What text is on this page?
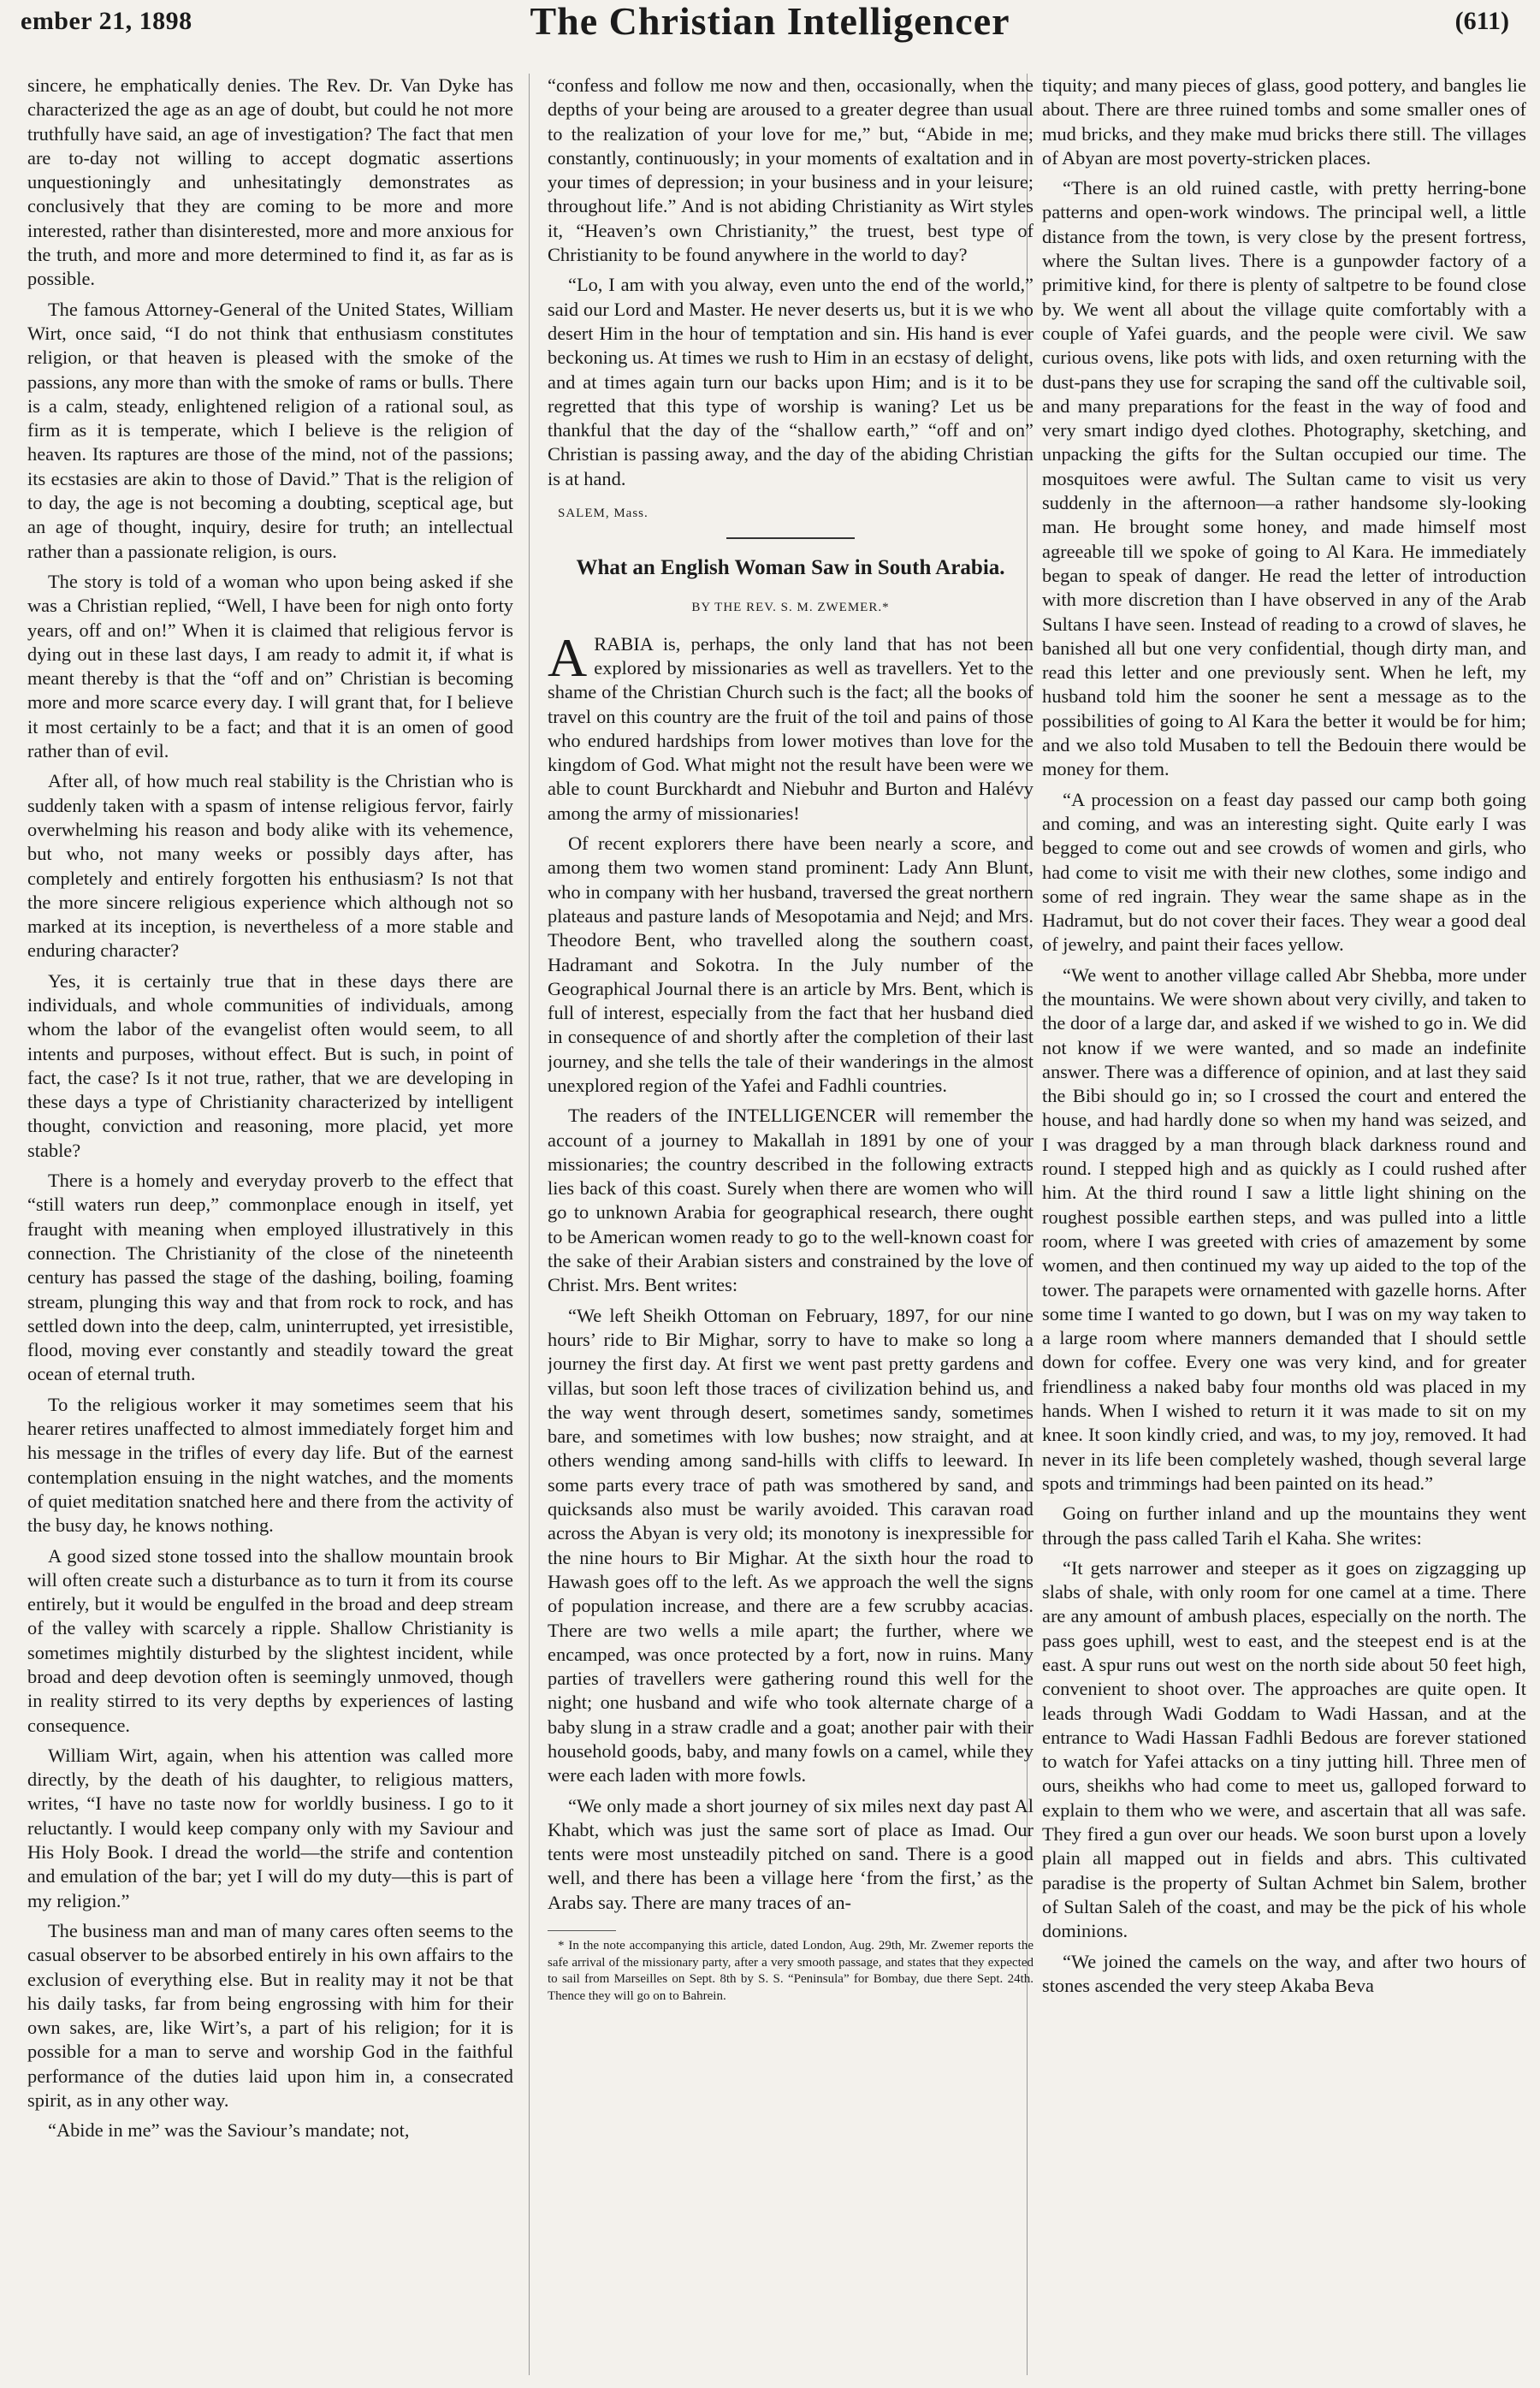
ember 21, 1898	The Christian Intelligencer	(611)

sincere, he emphatically denies. The Rev. Dr. Van Dyke has characterized the age as an age of doubt, but could he not more truthfully have said, an age of investigation? The fact that men are to-day not willing to accept dogmatic assertions unquestioningly and unhesitatingly demonstrates as conclusively that they are coming to be more and more interested, rather than disinterested, more and more anxious for the truth, and more and more determined to find it, as far as is possible.

The famous Attorney-General of the United States, William Wirt, once said, “I do not think that enthusiasm constitutes religion, or that heaven is pleased with the smoke of the passions, any more than with the smoke of rams or bulls. There is a calm, steady, enlightened religion of a rational soul, as firm as it is temperate, which I believe is the religion of heaven. Its raptures are those of the mind, not of the passions; its ecstasies are akin to those of David.” That is the religion of to day, the age is not becoming a doubting, sceptical age, but an age of thought, inquiry, desire for truth; an intellectual rather than a passionate religion, is ours.

The story is told of a woman who upon being asked if she was a Christian replied, “Well, I have been for nigh onto forty years, off and on!” When it is claimed that religious fervor is dying out in these last days, I am ready to admit it, if what is meant thereby is that the “off and on” Christian is becoming more and more scarce every day. I will grant that, for I believe it most certainly to be a fact; and that it is an omen of good rather than of evil.

After all, of how much real stability is the Christian who is suddenly taken with a spasm of intense religious fervor, fairly overwhelming his reason and body alike with its vehemence, but who, not many weeks or possibly days after, has completely and entirely forgotten his enthusiasm? Is not that the more sincere religious experience which although not so marked at its inception, is nevertheless of a more stable and enduring character?

Yes, it is certainly true that in these days there are individuals, and whole communities of individuals, among whom the labor of the evangelist often would seem, to all intents and purposes, without effect. But is such, in point of fact, the case? Is it not true, rather, that we are developing in these days a type of Christianity characterized by intelligent thought, conviction and reasoning, more placid, yet more stable?

There is a homely and everyday proverb to the effect that “still waters run deep,” commonplace enough in itself, yet fraught with meaning when employed illustratively in this connection. The Christianity of the close of the nineteenth century has passed the stage of the dashing, boiling, foaming stream, plunging this way and that from rock to rock, and has settled down into the deep, calm, uninterrupted, yet irresistible, flood, moving ever constantly and steadily toward the great ocean of eternal truth.

To the religious worker it may sometimes seem that his hearer retires unaffected to almost immediately forget him and his message in the trifles of every day life. But of the earnest contemplation ensuing in the night watches, and the moments of quiet meditation snatched here and there from the activity of the busy day, he knows nothing.

A good sized stone tossed into the shallow mountain brook will often create such a disturbance as to turn it from its course entirely, but it would be engulfed in the broad and deep stream of the valley with scarcely a ripple. Shallow Christianity is sometimes mightily disturbed by the slightest incident, while broad and deep devotion often is seemingly unmoved, though in reality stirred to its very depths by experiences of lasting consequence.

William Wirt, again, when his attention was called more directly, by the death of his daughter, to religious matters, writes, “I have no taste now for worldly business. I go to it reluctantly. I would keep company only with my Saviour and His Holy Book. I dread the world—the strife and contention and emulation of the bar; yet I will do my duty—this is part of my religion.”

The business man and man of many cares often seems to the casual observer to be absorbed entirely in his own affairs to the exclusion of everything else. But in reality may it not be that his daily tasks, far from being engrossing with him for their own sakes, are, like Wirt’s, a part of his religion; for it is possible for a man to serve and worship God in the faithful performance of the duties laid upon him in, a consecrated spirit, as in any other way.

“Abide in me” was the Saviour’s mandate; not,

“confess and follow me now and then, occasionally, when the depths of your being are aroused to a greater degree than usual to the realization of your love for me,” but, “Abide in me; constantly, continuously; in your moments of exaltation and in your times of depression; in your business and in your leisure; throughout life.” And is not abiding Christianity as Wirt styles it, “Heaven’s own Christianity,” the truest, best type of Christianity to be found anywhere in the world to day?

“Lo, I am with you alway, even unto the end of the world,” said our Lord and Master. He never deserts us, but it is we who desert Him in the hour of temptation and sin. His hand is ever beckoning us. At times we rush to Him in an ecstasy of delight, and at times again turn our backs upon Him; and is it to be regretted that this type of worship is waning? Let us be thankful that the day of the “shallow earth,” “off and on” Christian is passing away, and the day of the abiding Christian is at hand.

SALEM, Mass.
What an English Woman Saw in South Arabia.
BY THE REV. S. M. ZWEMER.*

ARABIA is, perhaps, the only land that has not been explored by missionaries as well as travellers. Yet to the shame of the Christian Church such is the fact; all the books of travel on this country are the fruit of the toil and pains of those who endured hardships from lower motives than love for the kingdom of God. What might not the result have been were we able to count Burckhardt and Niebuhr and Burton and Halévy among the army of missionaries!

Of recent explorers there have been nearly a score, and among them two women stand prominent: Lady Ann Blunt, who in company with her husband, traversed the great northern plateaus and pasture lands of Mesopotamia and Nejd; and Mrs. Theodore Bent, who travelled along the southern coast, Hadramant and Sokotra. In the July number of the Geographical Journal there is an article by Mrs. Bent, which is full of interest, especially from the fact that her husband died in consequence of and shortly after the completion of their last journey, and she tells the tale of their wanderings in the almost unexplored region of the Yafei and Fadhli countries.

The readers of the INTELLIGENCER will remember the account of a journey to Makallah in 1891 by one of your missionaries; the country described in the following extracts lies back of this coast. Surely when there are women who will go to unknown Arabia for geographical research, there ought to be American women ready to go to the well-known coast for the sake of their Arabian sisters and constrained by the love of Christ. Mrs. Bent writes:

“We left Sheikh Ottoman on February, 1897, for our nine hours’ ride to Bir Mighar, sorry to have to make so long a journey the first day. At first we went past pretty gardens and villas, but soon left those traces of civilization behind us, and the way went through desert, sometimes sandy, sometimes bare, and sometimes with low bushes; now straight, and at others wending among sand-hills with cliffs to leeward. In some parts every trace of path was smothered by sand, and quicksands also must be warily avoided. This caravan road across the Abyan is very old; its monotony is inexpressible for the nine hours to Bir Mighar. At the sixth hour the road to Hawash goes off to the left. As we approach the well the signs of population increase, and there are a few scrubby acacias. There are two wells a mile apart; the further, where we encamped, was once protected by a fort, now in ruins. Many parties of travellers were gathering round this well for the night; one husband and wife who took alternate charge of a baby slung in a straw cradle and a goat; another pair with their household goods, baby, and many fowls on a camel, while they were each laden with more fowls.

“We only made a short journey of six miles next day past Al Khabt, which was just the same sort of place as Imad. Our tents were most unsteadily pitched on sand. There is a good well, and there has been a village here ‘from the first,’ as the Arabs say. There are many traces of an-

* In the note accompanying this article, dated London, Aug. 29th, Mr. Zwemer reports the safe arrival of the missionary party, after a very smooth passage, and states that they expected to sail from Marseilles on Sept. 8th by S. S. “Peninsula” for Bombay, due there Sept. 24th. Thence they will go on to Bahrein.

tiquity; and many pieces of glass, good pottery, and bangles lie about. There are three ruined tombs and some smaller ones of mud bricks, and they make mud bricks there still. The villages of Abyan are most poverty-stricken places.

“There is an old ruined castle, with pretty herring-bone patterns and open-work windows. The principal well, a little distance from the town, is very close by the present fortress, where the Sultan lives. There is a gunpowder factory of a primitive kind, for there is plenty of saltpetre to be found close by. We went all about the village quite comfortably with a couple of Yafei guards, and the people were civil. We saw curious ovens, like pots with lids, and oxen returning with the dust-pans they use for scraping the sand off the cultivable soil, and many preparations for the feast in the way of food and very smart indigo dyed clothes. Photography, sketching, and unpacking the gifts for the Sultan occupied our time. The mosquitoes were awful. The Sultan came to visit us very suddenly in the afternoon—a rather handsome sly-looking man. He brought some honey, and made himself most agreeable till we spoke of going to Al Kara. He immediately began to speak of danger. He read the letter of introduction with more discretion than I have observed in any of the Arab Sultans I have seen. Instead of reading to a crowd of slaves, he banished all but one very confidential, though dirty man, and read this letter and one previously sent. When he left, my husband told him the sooner he sent a message as to the possibilities of going to Al Kara the better it would be for him; and we also told Musaben to tell the Bedouin there would be money for them.

“A procession on a feast day passed our camp both going and coming, and was an interesting sight. Quite early I was begged to come out and see crowds of women and girls, who had come to visit me with their new clothes, some indigo and some of red ingrain. They wear the same shape as in the Hadramut, but do not cover their faces. They wear a good deal of jewelry, and paint their faces yellow.

“We went to another village called Abr Shebba, more under the mountains. We were shown about very civilly, and taken to the door of a large dar, and asked if we wished to go in. We did not know if we were wanted, and so made an indefinite answer. There was a difference of opinion, and at last they said the Bibi should go in; so I crossed the court and entered the house, and had hardly done so when my hand was seized, and I was dragged by a man through black darkness round and round. I stepped high and as quickly as I could rushed after him. At the third round I saw a little light shining on the roughest possible earthen steps, and was pulled into a little room, where I was greeted with cries of amazement by some women, and then continued my way up aided to the top of the tower. The parapets were ornamented with gazelle horns. After some time I wanted to go down, but I was on my way taken to a large room where manners demanded that I should settle down for coffee. Every one was very kind, and for greater friendliness a naked baby four months old was placed in my hands. When I wished to return it it was made to sit on my knee. It soon kindly cried, and was, to my joy, removed. It had never in its life been completely washed, though several large spots and trimmings had been painted on its head.”

Going on further inland and up the mountains they went through the pass called Tarih el Kaha. She writes:

“It gets narrower and steeper as it goes on zigzagging up slabs of shale, with only room for one camel at a time. There are any amount of ambush places, especially on the north. The pass goes uphill, west to east, and the steepest end is at the east. A spur runs out west on the north side about 50 feet high, convenient to shoot over. The approaches are quite open. It leads through Wadi Goddam to Wadi Hassan, and at the entrance to Wadi Hassan Fadhli Bedous are forever stationed to watch for Yafei attacks on a tiny jutting hill. Three men of ours, sheikhs who had come to meet us, galloped forward to explain to them who we were, and ascertain that all was safe. They fired a gun over our heads. We soon burst upon a lovely plain all mapped out in fields and abrs. This cultivated paradise is the property of Sultan Achmet bin Salem, brother of Sultan Saleh of the coast, and may be the pick of his whole dominions.

“We joined the camels on the way, and after two hours of stones ascended the very steep Akaba Beva
